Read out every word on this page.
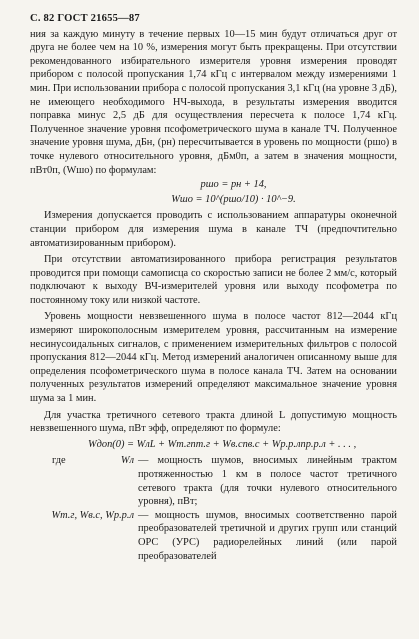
С. 82 ГОСТ 21655—87

ния за каждую минуту в течение первых 10—15 мин будут отличаться друг от друга не более чем на 10 %, измерения могут быть прекращены. При отсутствии рекомендованного избирательного измерителя уровня измерения проводят прибором с полосой пропускания 1,74 кГц с интервалом между измерениями 1 мин. При использовании прибора с полосой пропускания 3,1 кГц (на уровне 3 дБ), не имеющего необходимого НЧ-выхода, в результаты измерения вводится поправка минус 2,5 дБ для осуществления пересчета к полосе 1,74 кГц. Полученное значение уровня псофометрического шума в канале ТЧ. Полученное значение уровня шума, дБн, (рн) пересчитывается в уровень по мощности (pшо) в точке нулевого относительного уровня, дБм0п, а затем в значения мощности, пВт0п, (Wшо) по формулам:

pшо = pн + 14,
Wшо = 10^(pшо/10) · 10^−9.

Измерения допускается проводить с использованием аппаратуры оконечной станции прибором для измерения шума в канале ТЧ (предпочтительно автоматизированным прибором).

При отсутствии автоматизированного прибора регистрация результатов проводится при помощи самописца со скоростью записи не более 2 мм/с, который подключают к выходу ВЧ-измерителей уровня или выходу псофометра по постоянному току или низкой частоте.

Уровень мощности невзвешенного шума в полосе частот 812—2044 кГц измеряют широкополосным измерителем уровня, рассчитанным на измерение несинусоидальных сигналов, с применением измерительных фильтров с полосой пропускания 812—2044 кГц. Метод измерений аналогичен описанному выше для определения псофометрического шума в полосе канала ТЧ. Затем на основании полученных результатов измерений определяют максимальное значение уровня шума за 1 мин.

Для участка третичного сетевого тракта длиной L допустимую мощность невзвешенного шума, пВт эфф, определяют по формуле:

Wдоп(0) = WлL + Wт.гnт.г + Wв.сnв.с + Wр.р.лnр.р.л + . . . ,
где	Wл — мощность шумов, вносимых линейным трактом протяженностью 1 км в полосе частот третичного сетевого тракта (для точки нулевого относительного уровня), пВт;
Wт.г, Wв.с, Wр.р.л — мощность шумов, вносимых соответственно парой преобразователей третичной и других групп или станций ОРС (УРС) радиорелейных линий (или парой преобразователей
